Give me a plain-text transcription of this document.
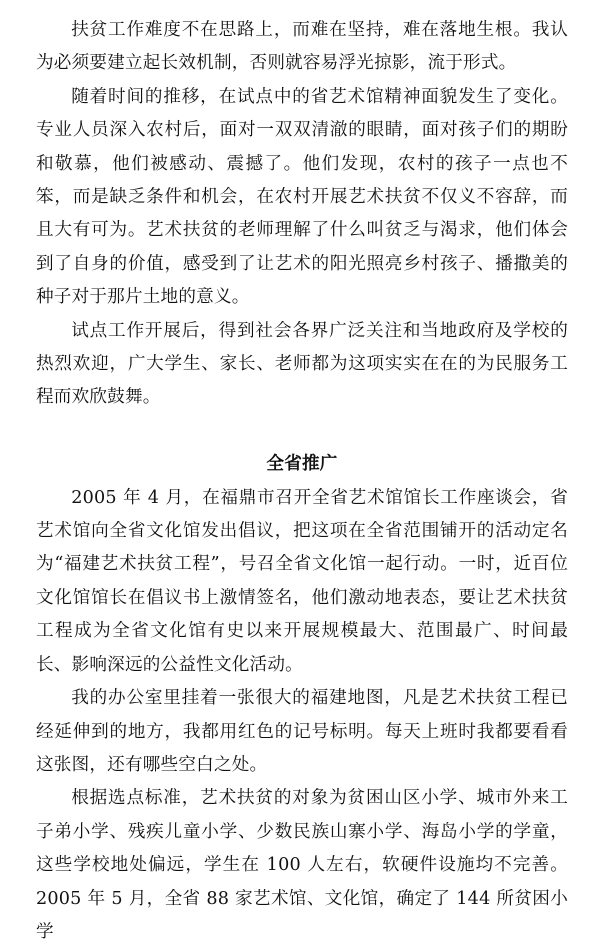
扶贫工作难度不在思路上，而难在坚持，难在落地生根。我认为必须要建立起长效机制，否则就容易浮光掠影，流于形式。

随着时间的推移，在试点中的省艺术馆精神面貌发生了变化。专业人员深入农村后，面对一双双清澈的眼睛，面对孩子们的期盼和敬慕，他们被感动、震撼了。他们发现，农村的孩子一点也不笨，而是缺乏条件和机会，在农村开展艺术扶贫不仅义不容辞，而且大有可为。艺术扶贫的老师理解了什么叫贫乏与渴求，他们体会到了自身的价值，感受到了让艺术的阳光照亮乡村孩子、播撒美的种子对于那片土地的意义。

试点工作开展后，得到社会各界广泛关注和当地政府及学校的热烈欢迎，广大学生、家长、老师都为这项实实在在的为民服务工程而欢欣鼓舞。

全省推广

2005 年 4 月，在福鼎市召开全省艺术馆馆长工作座谈会，省艺术馆向全省文化馆发出倡议，把这项在全省范围铺开的活动定名为“福建艺术扶贫工程”，号召全省文化馆一起行动。一时，近百位文化馆馆长在倡议书上激情签名，他们激动地表态，要让艺术扶贫工程成为全省文化馆有史以来开展规模最大、范围最广、时间最长、影响深远的公益性文化活动。

我的办公室里挂着一张很大的福建地图，凡是艺术扶贫工程已经延伸到的地方，我都用红色的记号标明。每天上班时我都要看看这张图，还有哪些空白之处。

根据选点标准，艺术扶贫的对象为贫困山区小学、城市外来工子弟小学、残疾儿童小学、少数民族山寨小学、海岛小学的学童，这些学校地处偏远，学生在 100 人左右，软硬件设施均不完善。2005 年 5 月，全省 88 家艺术馆、文化馆，确定了 144 所贫困小学
